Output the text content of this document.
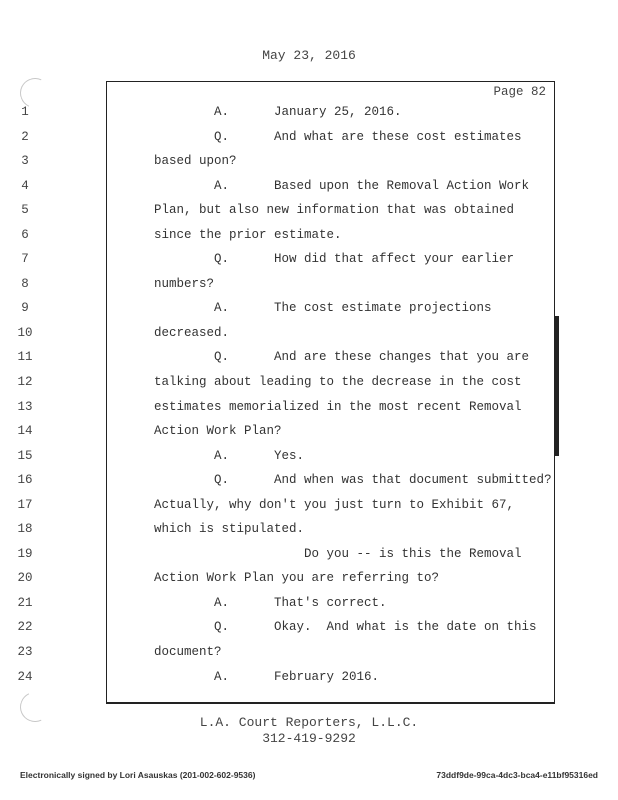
May 23, 2016
Page 82
1	A.      January 25, 2016.
2	Q.      And what are these cost estimates
3	based upon?
4	A.      Based upon the Removal Action Work
5	Plan, but also new information that was obtained
6	since the prior estimate.
7	Q.      How did that affect your earlier
8	numbers?
9	A.      The cost estimate projections
10	decreased.
11	Q.      And are these changes that you are
12	talking about leading to the decrease in the cost
13	estimates memorialized in the most recent Removal
14	Action Work Plan?
15	A.      Yes.
16	Q.      And when was that document submitted?
17	Actually, why don't you just turn to Exhibit 67,
18	which is stipulated.
19	Do you -- is this the Removal
20	Action Work Plan you are referring to?
21	A.      That's correct.
22	Q.      Okay.  And what is the date on this
23	document?
24	A.      February 2016.
L.A. Court Reporters, L.L.C.
312-419-9292
Electronically signed by Lori Asauskas (201-002-602-9536)	73ddf9de-99ca-4dc3-bca4-e11bf95316ed
